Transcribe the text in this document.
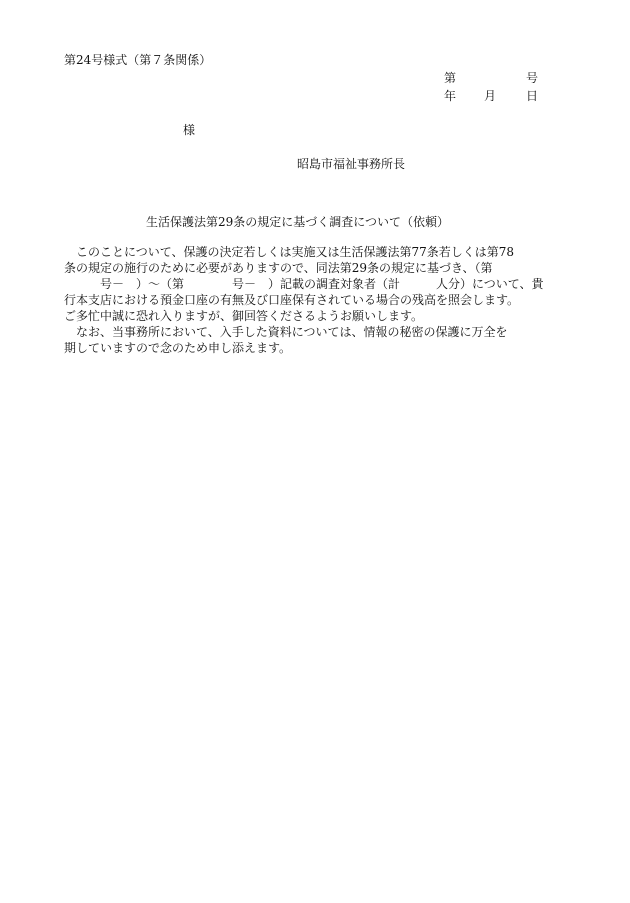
第24号様式（第７条関係）
第	号
年 月 日
様
昭島市福祉事務所長
生活保護法第29条の規定に基づく調査について（依頼）
　このことについて、保護の決定若しくは実施又は生活保護法第77条若しくは第78
条の規定の施行のために必要がありますので、同法第29条の規定に基づき、（第
　　　号－　）～（第　　　　号－　）記載の調査対象者（計　　　人分）について、貴
行本支店における預金口座の有無及び口座保有されている場合の残高を照会します。
ご多忙中誠に恐れ入りますが、御回答くださるようお願いします。
　なお、当事務所において、入手した資料については、情報の秘密の保護に万全を
期していますので念のため申し添えます。
